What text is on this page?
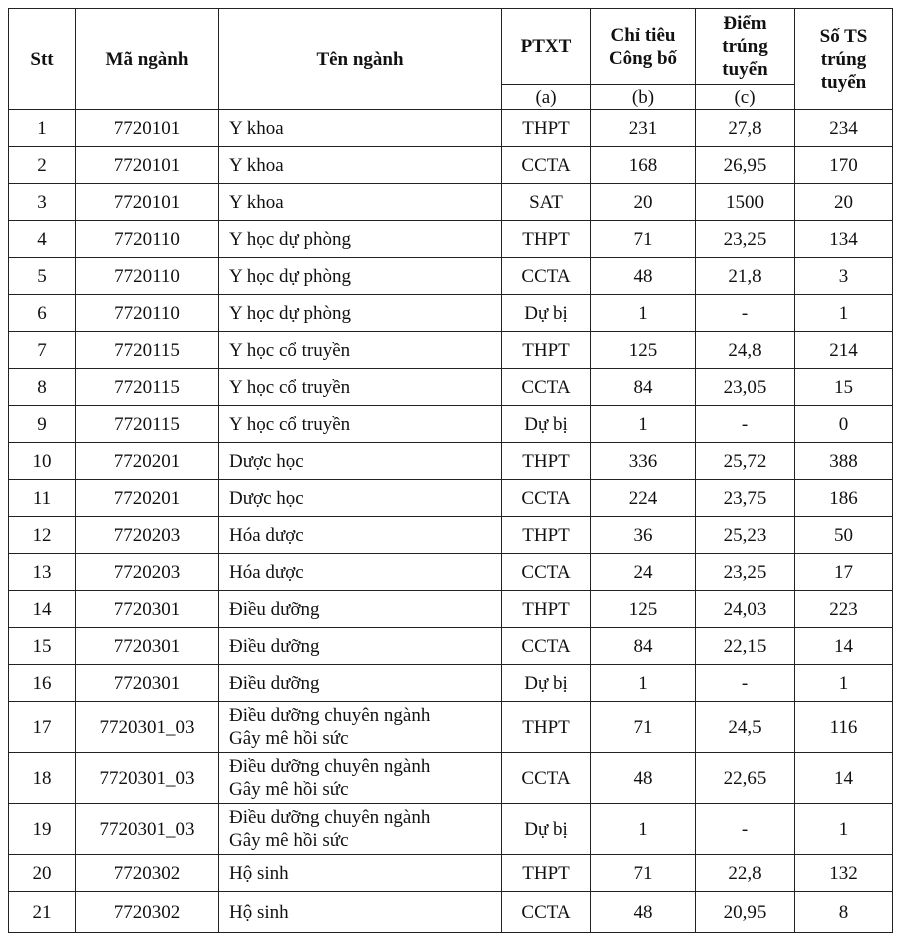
Stt	Mã ngành	Tên ngành	PTXT	Chỉ tiêu Công bố	Điểm trúng tuyển	Số TS trúng tuyển
			(a)	(b)	(c)	
1	7720101	Y khoa	THPT	231	27,8	234
2	7720101	Y khoa	CCTA	168	26,95	170
3	7720101	Y khoa	SAT	20	1500	20
4	7720110	Y học dự phòng	THPT	71	23,25	134
5	7720110	Y học dự phòng	CCTA	48	21,8	3
6	7720110	Y học dự phòng	Dự bị	1	-	1
7	7720115	Y học cổ truyền	THPT	125	24,8	214
8	7720115	Y học cổ truyền	CCTA	84	23,05	15
9	7720115	Y học cổ truyền	Dự bị	1	-	0
10	7720201	Dược học	THPT	336	25,72	388
11	7720201	Dược học	CCTA	224	23,75	186
12	7720203	Hóa dược	THPT	36	25,23	50
13	7720203	Hóa dược	CCTA	24	23,25	17
14	7720301	Điều dưỡng	THPT	125	24,03	223
15	7720301	Điều dưỡng	CCTA	84	22,15	14
16	7720301	Điều dưỡng	Dự bị	1	-	1
17	7720301_03	Điều dưỡng chuyên ngành
Gây mê hồi sức	THPT	71	24,5	116
18	7720301_03	Điều dưỡng chuyên ngành
Gây mê hồi sức	CCTA	48	22,65	14
19	7720301_03	Điều dưỡng chuyên ngành
Gây mê hồi sức	Dự bị	1	-	1
20	7720302	Hộ sinh	THPT	71	22,8	132
21	7720302	Hộ sinh	CCTA	48	20,95	8
